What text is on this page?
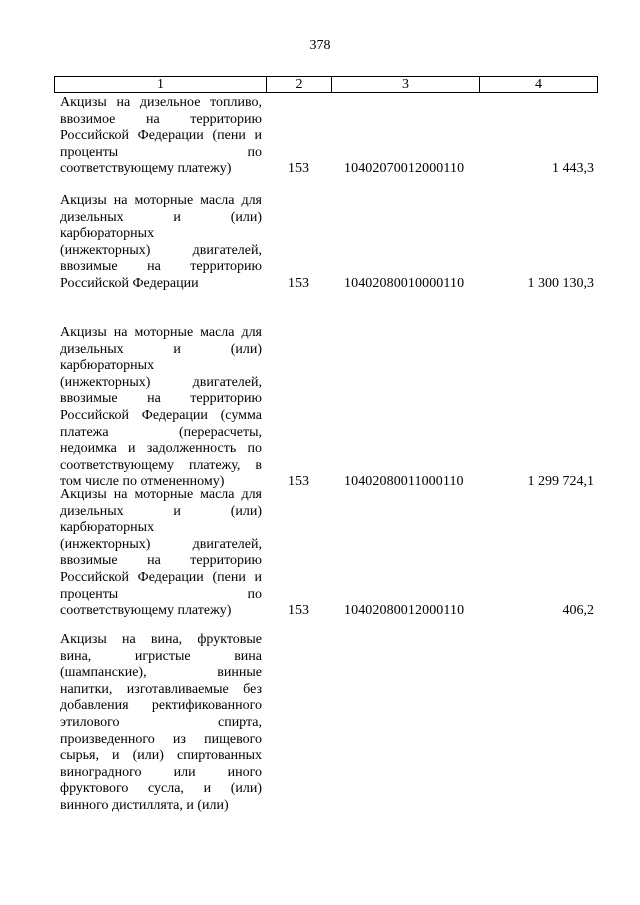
378
1	2	3	4
Акцизы на дизельное топливо,
ввозимое на территорию
Российской Федерации (пени и
проценты по
соответствующему платежу)	153	10402070012000110	1 443,3
Акцизы на моторные масла для
дизельных и (или)
карбюраторных
(инжекторных) двигателей,
ввозимые на территорию
Российской Федерации	153	10402080010000110	1 300 130,3
Акцизы на моторные масла для
дизельных и (или)
карбюраторных
(инжекторных) двигателей,
ввозимые на территорию
Российской Федерации (сумма
платежа (перерасчеты,
недоимка и задолженность по
соответствующему платежу, в
том числе по отмененному)	153	10402080011000110	1 299 724,1
Акцизы на моторные масла для
дизельных и (или)
карбюраторных
(инжекторных) двигателей,
ввозимые на территорию
Российской Федерации (пени и
проценты по
соответствующему платежу)	153	10402080012000110	406,2
Акцизы на вина, фруктовые
вина, игристые вина
(шампанские), винные
напитки, изготавливаемые без
добавления ректификованного
этилового спирта,
произведенного из пищевого
сырья, и (или) спиртованных
виноградного или иного
фруктового сусла, и (или)
винного дистиллята, и (или)
